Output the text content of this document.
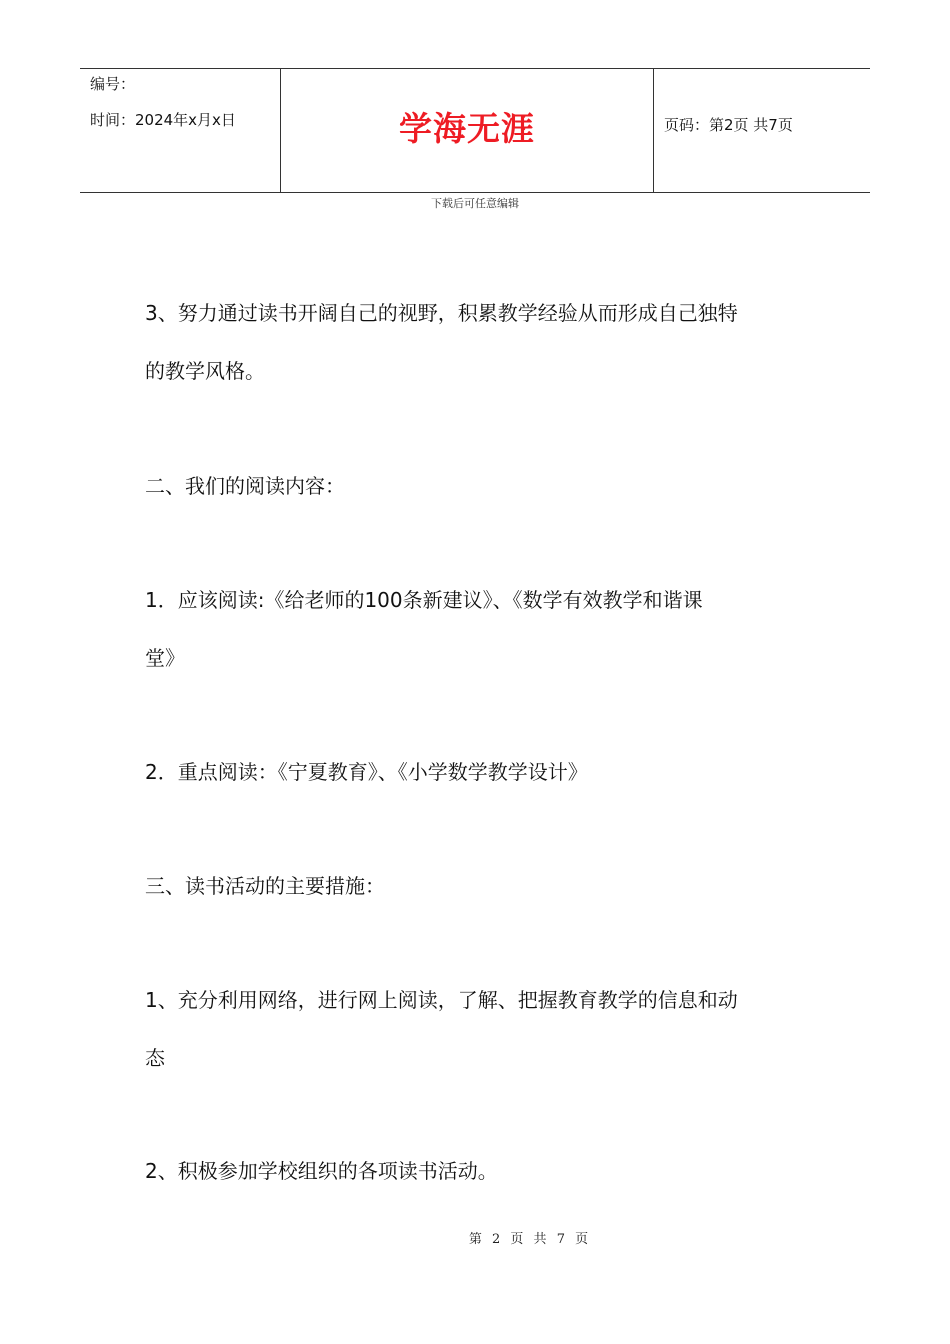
编号：
时间：2024年x月x日	学海无涯	页码：第2页 共7页
下载后可任意编辑

3、努力通过读书开阔自己的视野，积累教学经验从而形成自己独特

的教学风格。

二、我们的阅读内容：

1．应该阅读:《给老师的100条新建议》、《数学有效教学和谐课

堂》

2．重点阅读：《宁夏教育》、《小学数学教学设计》

三、读书活动的主要措施：

1、充分利用网络，进行网上阅读，了解、把握教育教学的信息和动

态

2、积极参加学校组织的各项读书活动。

第 2 页 共 7 页
